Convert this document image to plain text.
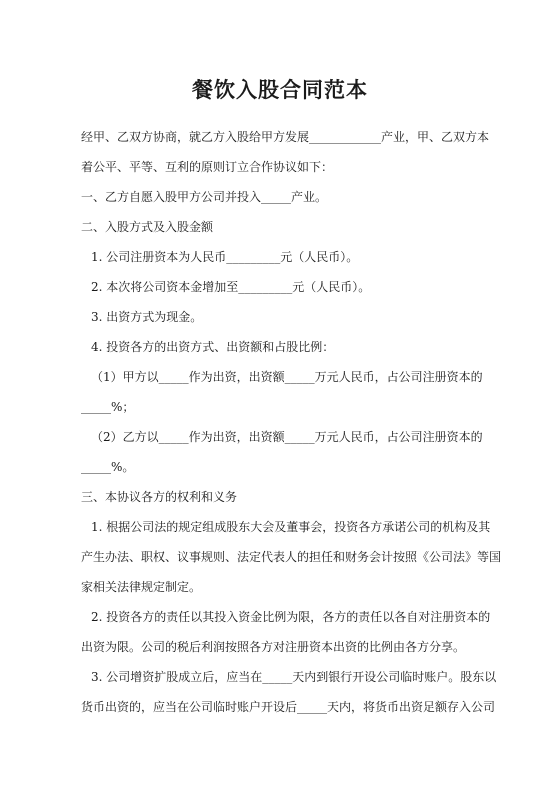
餐饮入股合同范本
经甲、乙双方协商，就乙方入股给甲方发展____________产业，甲、乙双方本
着公平、平等、互利的原则订立合作协议如下：
一、乙方自愿入股甲方公司并投入_____产业。
二、入股方式及入股金额
1. 公司注册资本为人民币_________元（人民币）。
2. 本次将公司资本金增加至_________元（人民币）。
3. 出资方式为现金。
4. 投资各方的出资方式、出资额和占股比例：
（1）甲方以_____作为出资，出资额_____万元人民币，占公司注册资本的
_____%；
（2）乙方以_____作为出资，出资额_____万元人民币，占公司注册资本的
_____%。
三、本协议各方的权利和义务
1. 根据公司法的规定组成股东大会及董事会，投资各方承诺公司的机构及其
产生办法、职权、议事规则、法定代表人的担任和财务会计按照《公司法》等国
家相关法律规定制定。
2. 投资各方的责任以其投入资金比例为限，各方的责任以各自对注册资本的
出资为限。公司的税后利润按照各方对注册资本出资的比例由各方分享。
3. 公司增资扩股成立后，应当在_____天内到银行开设公司临时账户。股东以
货币出资的，应当在公司临时账户开设后_____天内，将货币出资足额存入公司
